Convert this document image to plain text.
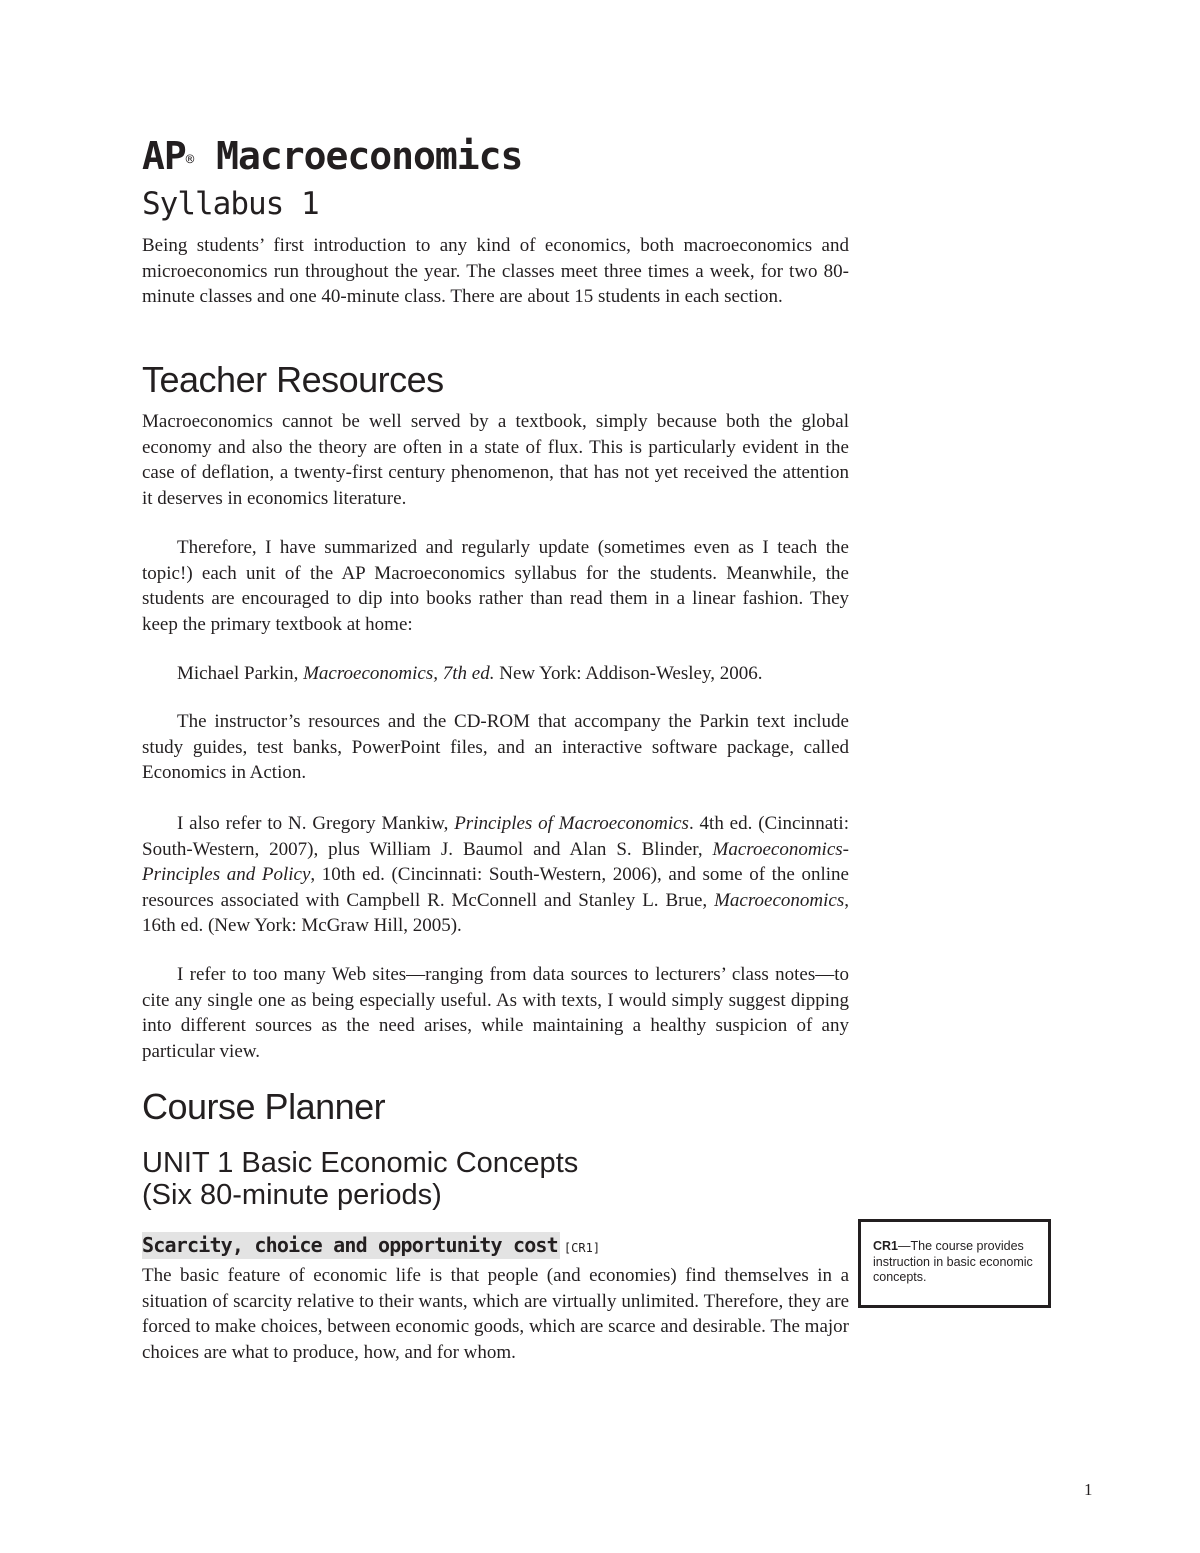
AP® Macroeconomics
Syllabus 1

Being students’ first introduction to any kind of economics, both macroeconomics and microeconomics run throughout the year. The classes meet three times a week, for two 80-minute classes and one 40-minute class. There are about 15 students in each section.

Teacher Resources

Macroeconomics cannot be well served by a textbook, simply because both the global economy and also the theory are often in a state of flux. This is particularly evident in the case of deflation, a twenty-first century phenomenon, that has not yet received the attention it deserves in economics literature.

Therefore, I have summarized and regularly update (sometimes even as I teach the topic!) each unit of the AP Macroeconomics syllabus for the students. Meanwhile, the students are encouraged to dip into books rather than read them in a linear fashion. They keep the primary textbook at home:

Michael Parkin, Macroeconomics, 7th ed. New York: Addison-Wesley, 2006.

The instructor’s resources and the CD-ROM that accompany the Parkin text include study guides, test banks, PowerPoint files, and an interactive software package, called Economics in Action.

I also refer to N. Gregory Mankiw, Principles of Macroeconomics. 4th ed. (Cincinnati: South-Western, 2007), plus William J. Baumol and Alan S. Blinder, Macroeconomics-Principles and Policy, 10th ed. (Cincinnati: South-Western, 2006), and some of the online resources associated with Campbell R. McConnell and Stanley L. Brue, Macroeconomics, 16th ed. (New York: McGraw Hill, 2005).

I refer to too many Web sites—ranging from data sources to lecturers’ class notes—to cite any single one as being especially useful. As with texts, I would simply suggest dipping into different sources as the need arises, while maintaining a healthy suspicion of any particular view.

Course Planner
UNIT 1 Basic Economic Concepts
(Six 80-minute periods)
Scarcity, choice and opportunity cost [CR1]

The basic feature of economic life is that people (and economies) find themselves in a situation of scarcity relative to their wants, which are virtually unlimited. Therefore, they are forced to make choices, between economic goods, which are scarce and desirable. The major choices are what to produce, how, and for whom.

CR1—The course provides instruction in basic economic concepts.

1
